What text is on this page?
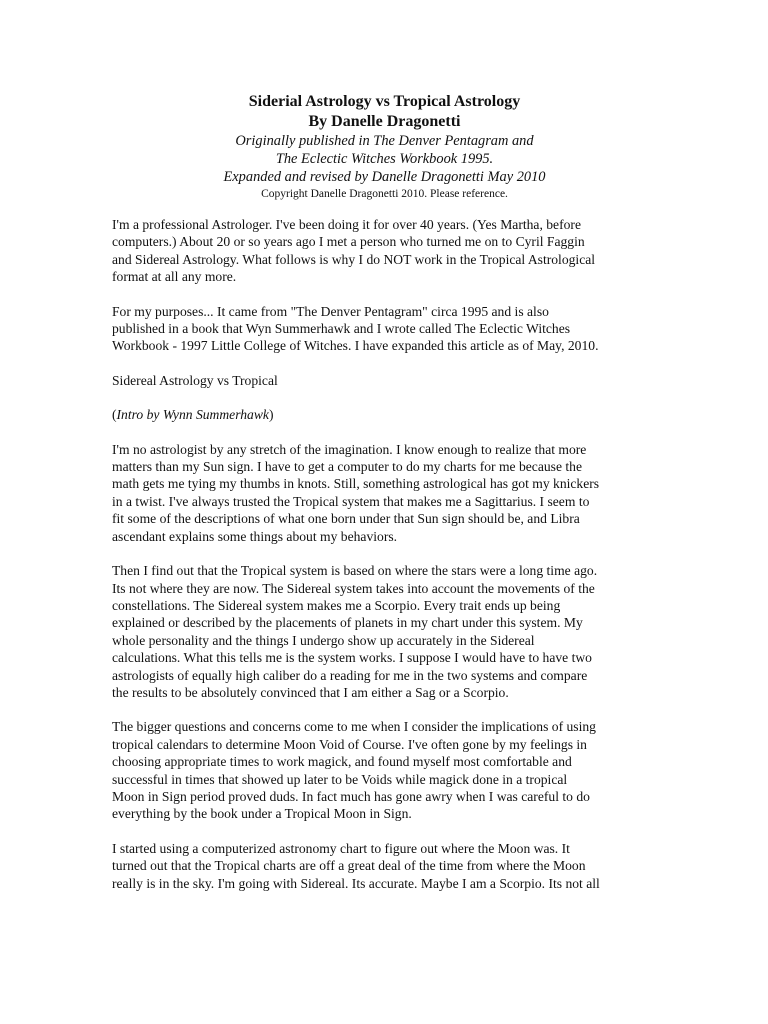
Siderial Astrology vs Tropical Astrology
By Danelle Dragonetti
Originally published in The Denver Pentagram and
The Eclectic Witches Workbook 1995.
Expanded and revised by Danelle Dragonetti May 2010
Copyright Danelle Dragonetti 2010. Please reference.
I'm a professional Astrologer. I've been doing it for over 40 years. (Yes Martha, before
computers.) About 20 or so years ago I met a person who turned me on to Cyril Faggin
and Sidereal Astrology. What follows is why I do NOT work in the Tropical Astrological
format at all any more.
For my purposes... It came from "The Denver Pentagram" circa 1995 and is also
published in a book that Wyn Summerhawk and I wrote called The Eclectic Witches
Workbook - 1997 Little College of Witches. I have expanded this article as of May, 2010.
Sidereal Astrology vs Tropical
(Intro by Wynn Summerhawk)
I'm no astrologist by any stretch of the imagination. I know enough to realize that more
matters than my Sun sign. I have to get a computer to do my charts for me because the
math gets me tying my thumbs in knots. Still, something astrological has got my knickers
in a twist. I've always trusted the Tropical system that makes me a Sagittarius. I seem to
fit some of the descriptions of what one born under that Sun sign should be, and Libra
ascendant explains some things about my behaviors.
Then I find out that the Tropical system is based on where the stars were a long time ago.
Its not where they are now. The Sidereal system takes into account the movements of the
constellations. The Sidereal system makes me a Scorpio. Every trait ends up being
explained or described by the placements of planets in my chart under this system. My
whole personality and the things I undergo show up accurately in the Sidereal
calculations. What this tells me is the system works. I suppose I would have to have two
astrologists of equally high caliber do a reading for me in the two systems and compare
the results to be absolutely convinced that I am either a Sag or a Scorpio.
The bigger questions and concerns come to me when I consider the implications of using
tropical calendars to determine Moon Void of Course. I've often gone by my feelings in
choosing appropriate times to work magick, and found myself most comfortable and
successful in times that showed up later to be Voids while magick done in a tropical
Moon in Sign period proved duds. In fact much has gone awry when I was careful to do
everything by the book under a Tropical Moon in Sign.
I started using a computerized astronomy chart to figure out where the Moon was. It
turned out that the Tropical charts are off a great deal of the time from where the Moon
really is in the sky. I'm going with Sidereal. Its accurate. Maybe I am a Scorpio. Its not all
